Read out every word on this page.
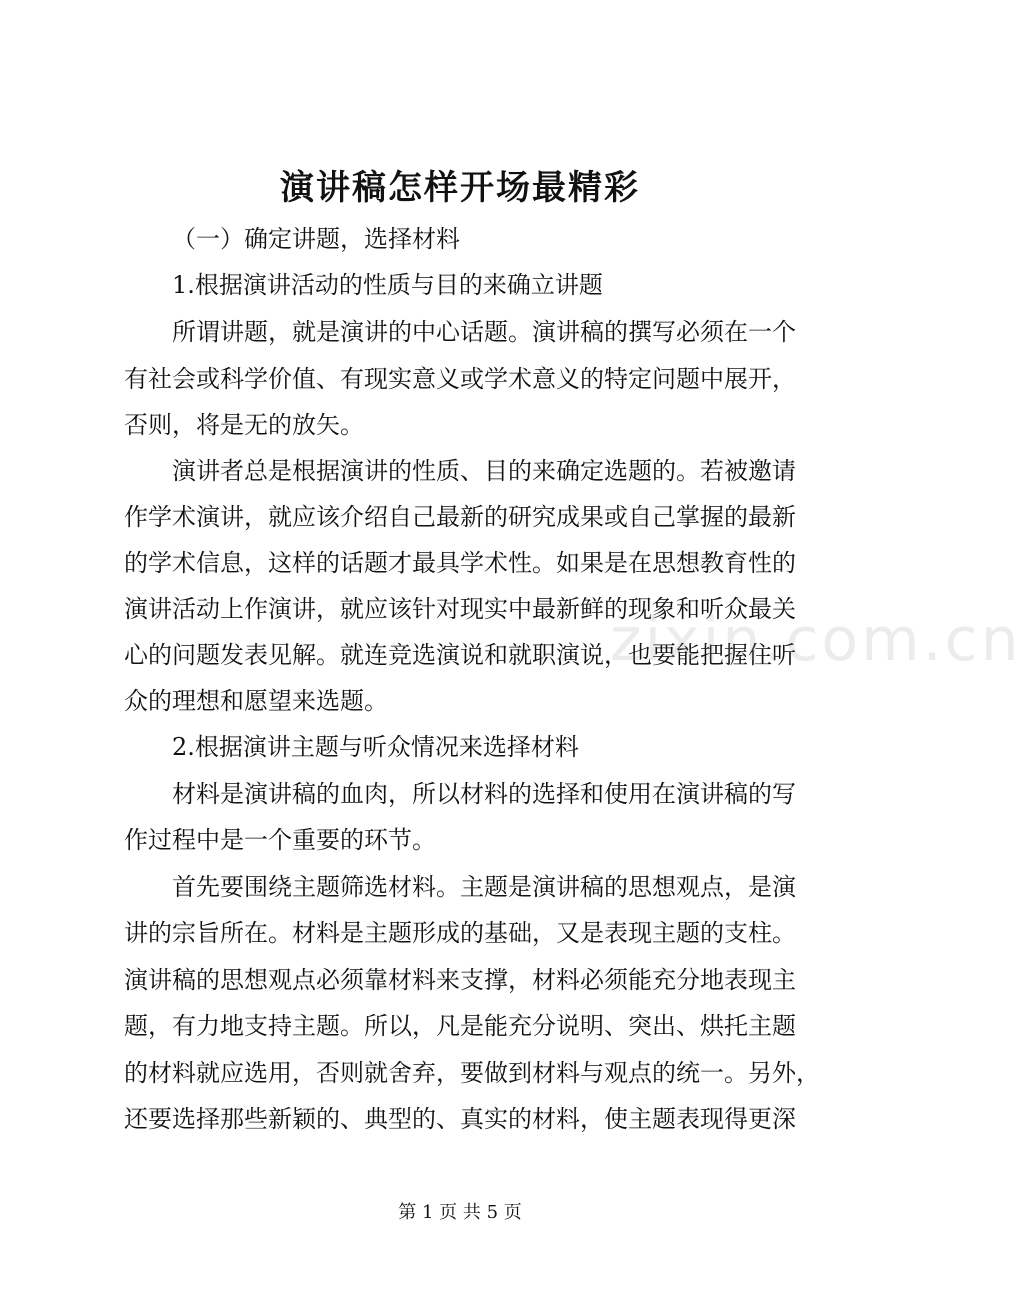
演讲稿怎样开场最精彩
（一）确定讲题，选择材料
1.根据演讲活动的性质与目的来确立讲题
所谓讲题，就是演讲的中心话题。演讲稿的撰写必须在一个
有社会或科学价值、有现实意义或学术意义的特定问题中展开，
否则，将是无的放矢。
演讲者总是根据演讲的性质、目的来确定选题的。若被邀请
作学术演讲，就应该介绍自己最新的研究成果或自己掌握的最新
的学术信息，这样的话题才最具学术性。如果是在思想教育性的
演讲活动上作演讲，就应该针对现实中最新鲜的现象和听众最关
心的问题发表见解。就连竞选演说和就职演说，也要能把握住听
众的理想和愿望来选题。
2.根据演讲主题与听众情况来选择材料
材料是演讲稿的血肉，所以材料的选择和使用在演讲稿的写
作过程中是一个重要的环节。
首先要围绕主题筛选材料。主题是演讲稿的思想观点，是演
讲的宗旨所在。材料是主题形成的基础，又是表现主题的支柱。
演讲稿的思想观点必须靠材料来支撑，材料必须能充分地表现主
题，有力地支持主题。所以，凡是能充分说明、突出、烘托主题
的材料就应选用，否则就舍弃，要做到材料与观点的统一。另外，
还要选择那些新颖的、典型的、真实的材料，使主题表现得更深
zixin.com.cn
第 1 页 共 5 页
